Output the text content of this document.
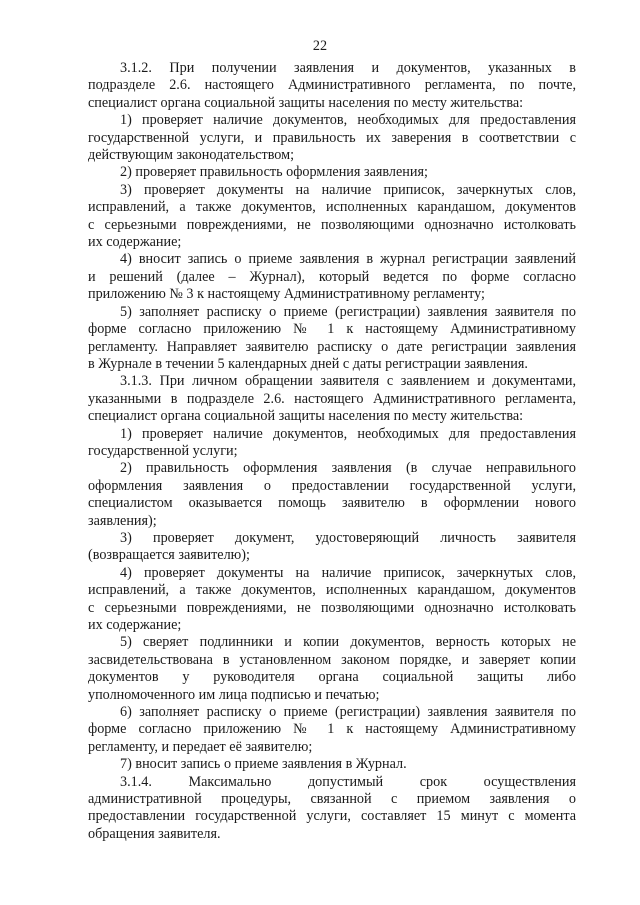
22
3.1.2. При получении заявления и документов, указанных в
подразделе 2.6. настоящего Административного регламента, по почте,
специалист органа социальной защиты населения по месту жительства:
1) проверяет наличие документов, необходимых для предоставления
государственной услуги, и правильность их заверения в соответствии с
действующим законодательством;
2) проверяет правильность оформления заявления;
3) проверяет документы на наличие приписок, зачеркнутых слов,
исправлений, а также документов, исполненных карандашом, документов
с серьезными повреждениями, не позволяющими однозначно истолковать
их содержание;
4) вносит запись о приеме заявления в журнал регистрации заявлений
и решений (далее – Журнал), который ведется по форме согласно
приложению № 3 к настоящему Административному регламенту;
5) заполняет расписку о приеме (регистрации) заявления заявителя по
форме согласно приложению № 1 к настоящему Административному
регламенту. Направляет заявителю расписку о дате регистрации заявления
в Журнале в течении 5 календарных дней с даты регистрации заявления.
3.1.3. При личном обращении заявителя с заявлением и документами,
указанными в подразделе 2.6. настоящего Административного регламента,
специалист органа социальной защиты населения по месту жительства:
1) проверяет наличие документов, необходимых для предоставления
государственной услуги;
2) правильность оформления заявления (в случае неправильного
оформления заявления о предоставлении государственной услуги,
специалистом оказывается помощь заявителю в оформлении нового
заявления);
3) проверяет документ, удостоверяющий личность заявителя
(возвращается заявителю);
4) проверяет документы на наличие приписок, зачеркнутых слов,
исправлений, а также документов, исполненных карандашом, документов
с серьезными повреждениями, не позволяющими однозначно истолковать
их содержание;
5) сверяет подлинники и копии документов, верность которых не
засвидетельствована в установленном законом порядке, и заверяет копии
документов у руководителя органа социальной защиты либо
уполномоченного им лица подписью и печатью;
6) заполняет расписку о приеме (регистрации) заявления заявителя по
форме согласно приложению № 1 к настоящему Административному
регламенту, и передает её заявителю;
7) вносит запись о приеме заявления в Журнал.
3.1.4. Максимально допустимый срок осуществления
административной процедуры, связанной с приемом заявления о
предоставлении государственной услуги, составляет 15 минут с момента
обращения заявителя.
